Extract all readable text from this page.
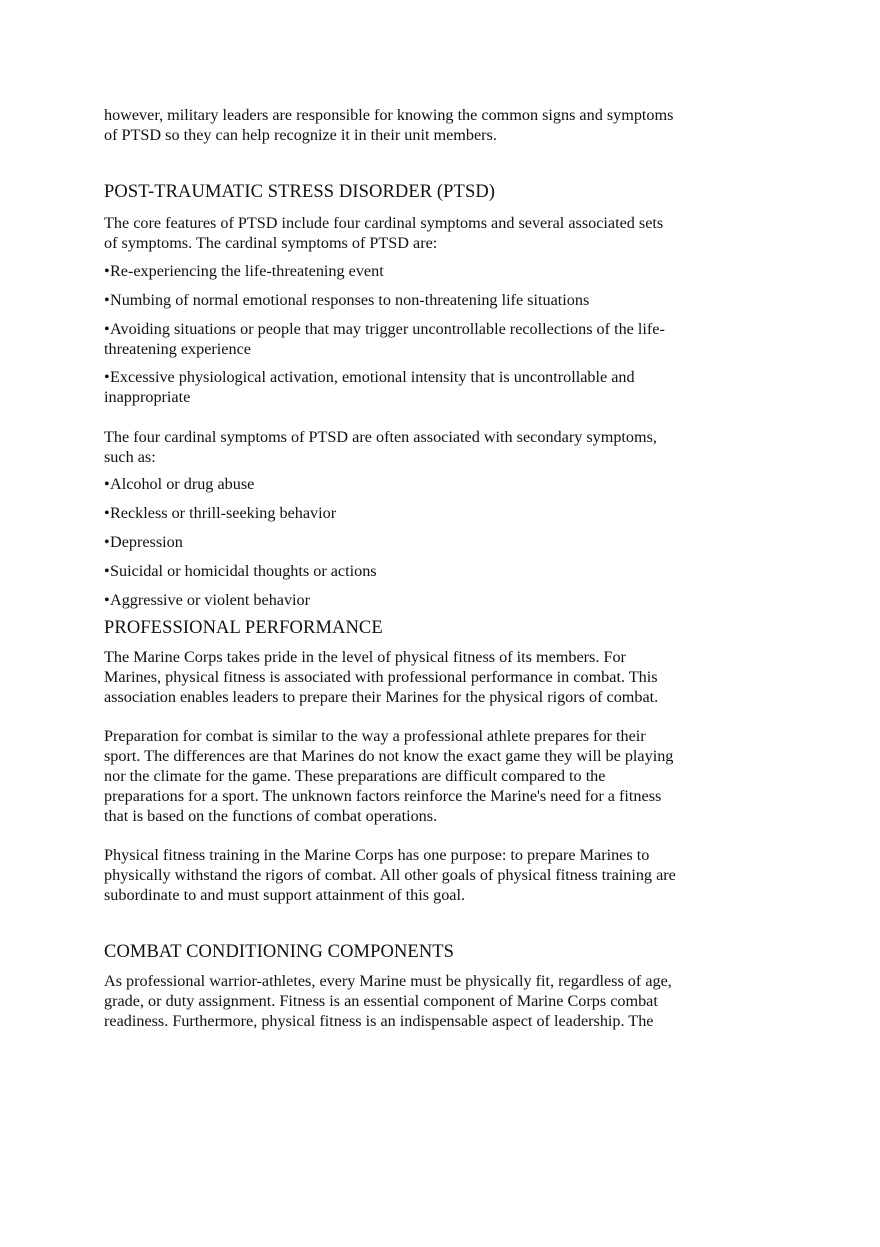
however, military leaders are responsible for knowing the common signs and symptoms
of PTSD so they can help recognize it in their unit members.

POST-TRAUMATIC STRESS DISORDER (PTSD)

The core features of PTSD include four cardinal symptoms and several associated sets
of symptoms. The cardinal symptoms of PTSD are:

•Re-experiencing the life-threatening event

•Numbing of normal emotional responses to non-threatening life situations

•Avoiding situations or people that may trigger uncontrollable recollections of the life-
threatening experience

•Excessive physiological activation, emotional intensity that is uncontrollable and
inappropriate

The four cardinal symptoms of PTSD are often associated with secondary symptoms,
such as:

•Alcohol or drug abuse

•Reckless or thrill-seeking behavior

•Depression

•Suicidal or homicidal thoughts or actions

•Aggressive or violent behavior

PROFESSIONAL PERFORMANCE

The Marine Corps takes pride in the level of physical fitness of its members. For
Marines, physical fitness is associated with professional performance in combat. This
association enables leaders to prepare their Marines for the physical rigors of combat.

Preparation for combat is similar to the way a professional athlete prepares for their
sport. The differences are that Marines do not know the exact game they will be playing
nor the climate for the game. These preparations are difficult compared to the
preparations for a sport. The unknown factors reinforce the Marine's need for a fitness
that is based on the functions of combat operations.

Physical fitness training in the Marine Corps has one purpose: to prepare Marines to
physically withstand the rigors of combat. All other goals of physical fitness training are
subordinate to and must support attainment of this goal.

COMBAT CONDITIONING COMPONENTS

As professional warrior-athletes, every Marine must be physically fit, regardless of age,
grade, or duty assignment. Fitness is an essential component of Marine Corps combat
readiness. Furthermore, physical fitness is an indispensable aspect of leadership. The
